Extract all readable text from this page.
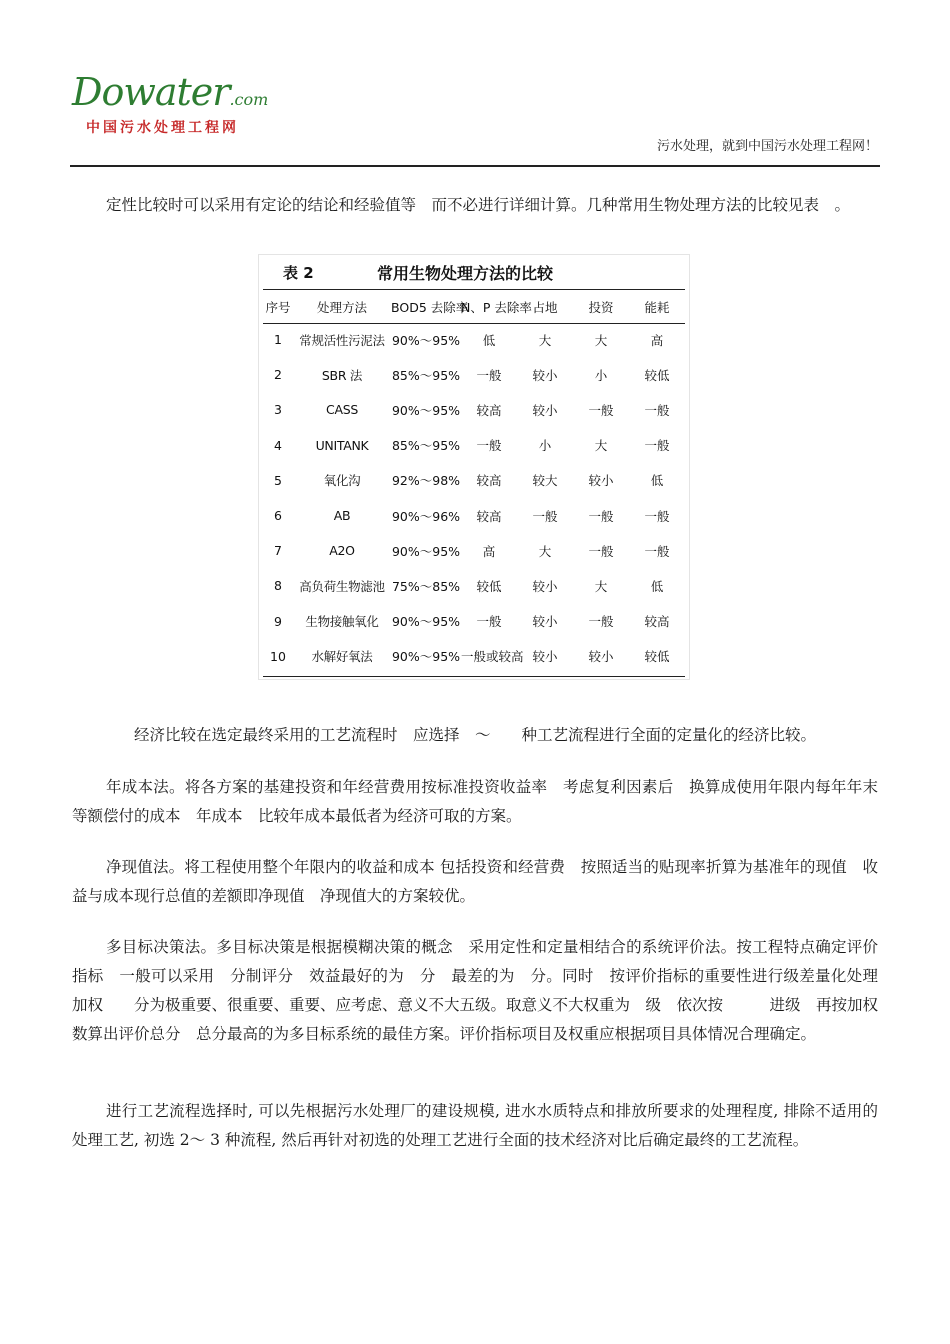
Dowater.com
中国污水处理工程网
污水处理，就到中国污水处理工程网！

定性比较时可以采用有定论的结论和经验值等　而不必进行详细计算。几种常用生物处理方法的比较见表　。

表 2	常用生物处理方法的比较
序号	处理方法	BOD5 去除率	N、P 去除率	占地	投资	能耗
1	常规活性污泥法	90%～95%	低	大	大	高
2	SBR 法	85%～95%	一般	较小	小	较低
3	CASS	90%～95%	较高	较小	一般	一般
4	UNITANK	85%～95%	一般	小	大	一般
5	氧化沟	92%～98%	较高	较大	较小	低
6	AB	90%～96%	较高	一般	一般	一般
7	A2O	90%～95%	高	大	一般	一般
8	高负荷生物滤池	75%～85%	较低	较小	大	低
9	生物接触氧化	90%～95%	一般	较小	一般	较高
10	水解好氧法	90%～95%	一般或较高	较小	较小	较低

经济比较在选定最终采用的工艺流程时　应选择　～　　种工艺流程进行全面的定量化的经济比较。

年成本法。将各方案的基建投资和年经营费用按标准投资收益率　考虑复利因素后　换算成使用年限内每年年末等额偿付的成本　年成本　比较年成本最低者为经济可取的方案。

净现值法。将工程使用整个年限内的收益和成本 包括投资和经营费　按照适当的贴现率折算为基准年的现值　收益与成本现行总值的差额即净现值　净现值大的方案较优。

多目标决策法。多目标决策是根据模糊决策的概念　采用定性和定量相结合的系统评价法。按工程特点确定评价指标　一般可以采用　分制评分　效益最好的为　分　最差的为　分。同时　按评价指标的重要性进行级差量化处理 加权　　分为极重要、很重要、重要、应考虑、意义不大五级。取意义不大权重为　级　依次按　　　进级　再按加权数算出评价总分　总分最高的为多目标系统的最佳方案。评价指标项目及权重应根据项目具体情况合理确定。

进行工艺流程选择时, 可以先根据污水处理厂的建设规模, 进水水质特点和排放所要求的处理程度, 排除不适用的处理工艺, 初选 2～ 3 种流程, 然后再针对初选的处理工艺进行全面的技术经济对比后确定最终的工艺流程。
